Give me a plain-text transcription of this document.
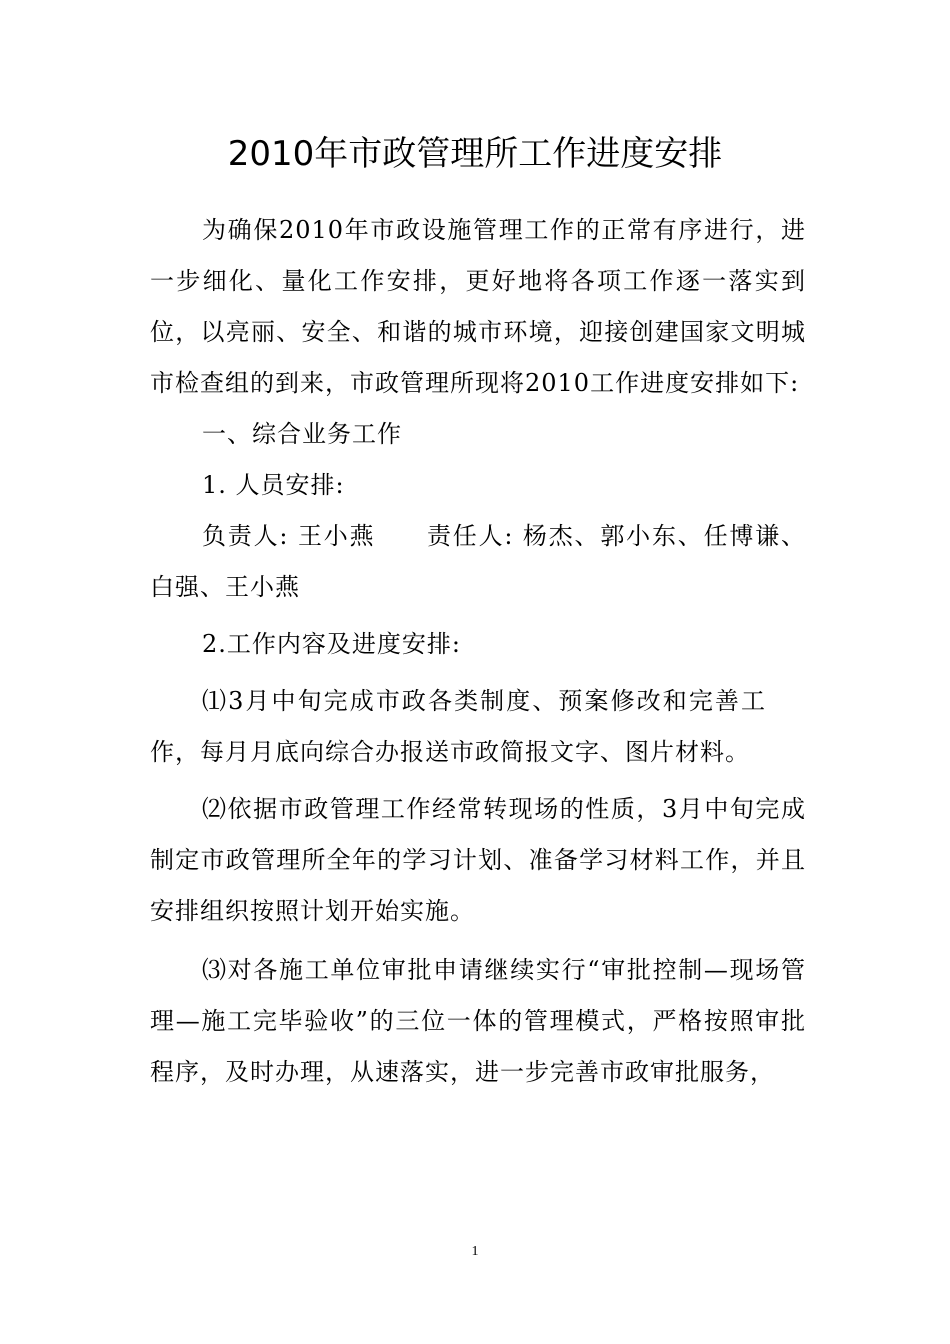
2010年市政管理所工作进度安排

为确保2010年市政设施管理工作的正常有序进行，进一步细化、量化工作安排，更好地将各项工作逐一落实到位，以亮丽、安全、和谐的城市环境，迎接创建国家文明城市检查组的到来，市政管理所现将2010工作进度安排如下:

一、综合业务工作

1. 人员安排:

负责人: 王小燕　　责任人: 杨杰、郭小东、任博谦、白强、王小燕

2.工作内容及进度安排:

⑴3月中旬完成市政各类制度、预案修改和完善工作，每月月底向综合办报送市政简报文字、图片材料。

⑵依据市政管理工作经常转现场的性质，3月中旬完成制定市政管理所全年的学习计划、准备学习材料工作，并且安排组织按照计划开始实施。

⑶对各施工单位审批申请继续实行“审批控制—现场管理—施工完毕验收”的三位一体的管理模式，严格按照审批程序，及时办理，从速落实，进一步完善市政审批服务，

1
